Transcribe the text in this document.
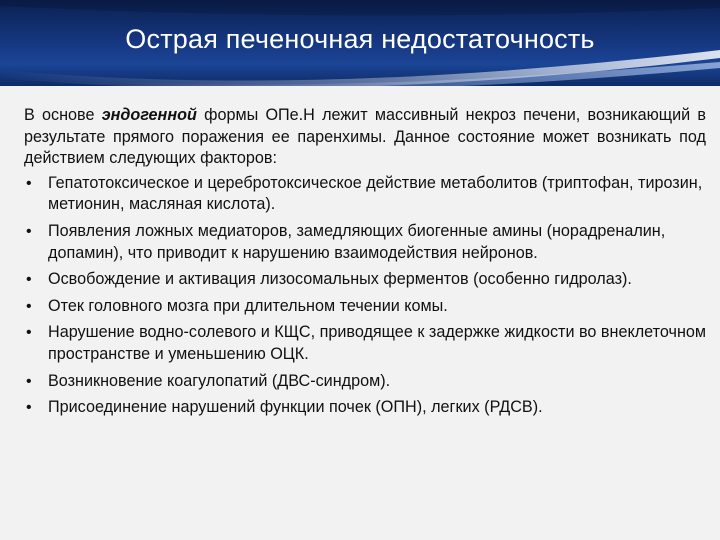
Острая печеночная недостаточность

В основе эндогенной формы ОПе.Н лежит массивный некроз печени, возникающий в результате прямого поражения ее паренхимы. Данное состояние может возникать под действием следующих факторов:

• Гепатотоксическое и церебротоксическое действие метаболитов (триптофан, тирозин, метионин, масляная кислота).
• Появления ложных медиаторов, замедляющих биогенные амины (норадреналин, допамин), что приводит к нарушению взаимодействия нейронов.
• Освобождение и активация лизосомальных ферментов (особенно гидролаз).
• Отек головного мозга при длительном течении комы.
• Нарушение водно-солевого и КЩС, приводящее к задержке жидкости во внеклеточном пространстве и уменьшению ОЦК.
• Возникновение коагулопатий (ДВС-синдром).
• Присоединение нарушений функции почек (ОПН), легких (РДСВ).
